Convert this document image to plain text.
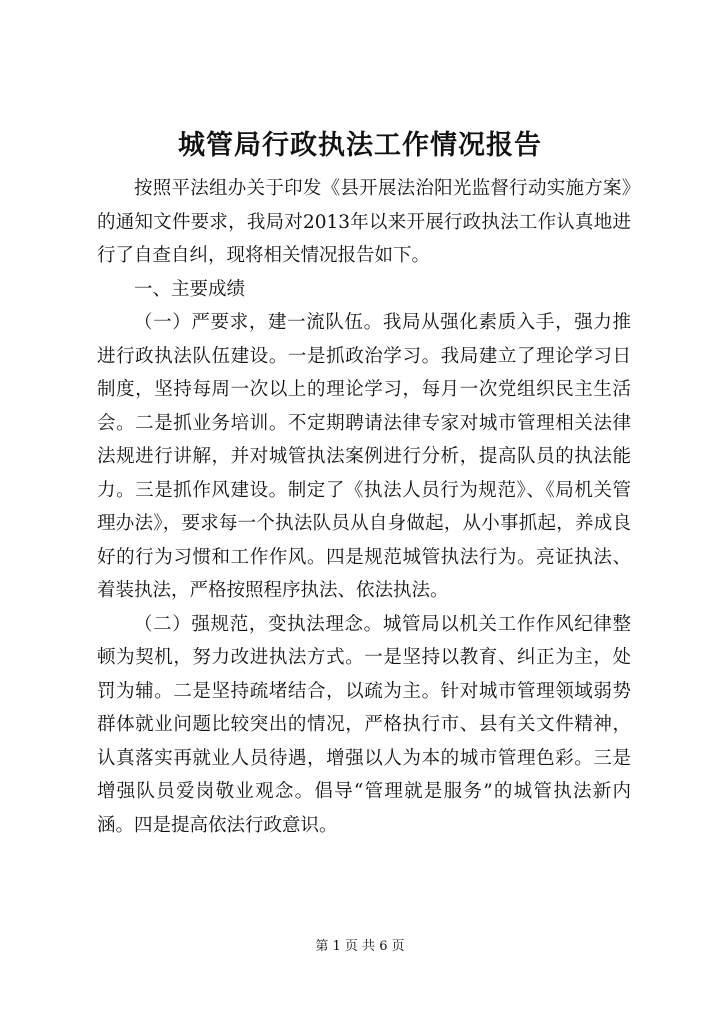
城管局行政执法工作情况报告

按照平法组办关于印发《县开展法治阳光监督行动实施方案》的通知文件要求，我局对2013年以来开展行政执法工作认真地进行了自查自纠，现将相关情况报告如下。

一、主要成绩

（一）严要求，建一流队伍。我局从强化素质入手，强力推进行政执法队伍建设。一是抓政治学习。我局建立了理论学习日制度，坚持每周一次以上的理论学习，每月一次党组织民主生活会。二是抓业务培训。不定期聘请法律专家对城市管理相关法律法规进行讲解，并对城管执法案例进行分析，提高队员的执法能力。三是抓作风建设。制定了《执法人员行为规范》、《局机关管理办法》，要求每一个执法队员从自身做起，从小事抓起，养成良好的行为习惯和工作作风。四是规范城管执法行为。亮证执法、着装执法，严格按照程序执法、依法执法。

（二）强规范，变执法理念。城管局以机关工作作风纪律整顿为契机，努力改进执法方式。一是坚持以教育、纠正为主，处罚为辅。二是坚持疏堵结合，以疏为主。针对城市管理领域弱势群体就业问题比较突出的情况，严格执行市、县有关文件精神，认真落实再就业人员待遇，增强以人为本的城市管理色彩。三是增强队员爱岗敬业观念。倡导“管理就是服务”的城管执法新内涵。四是提高依法行政意识。

第 1 页 共 6 页
